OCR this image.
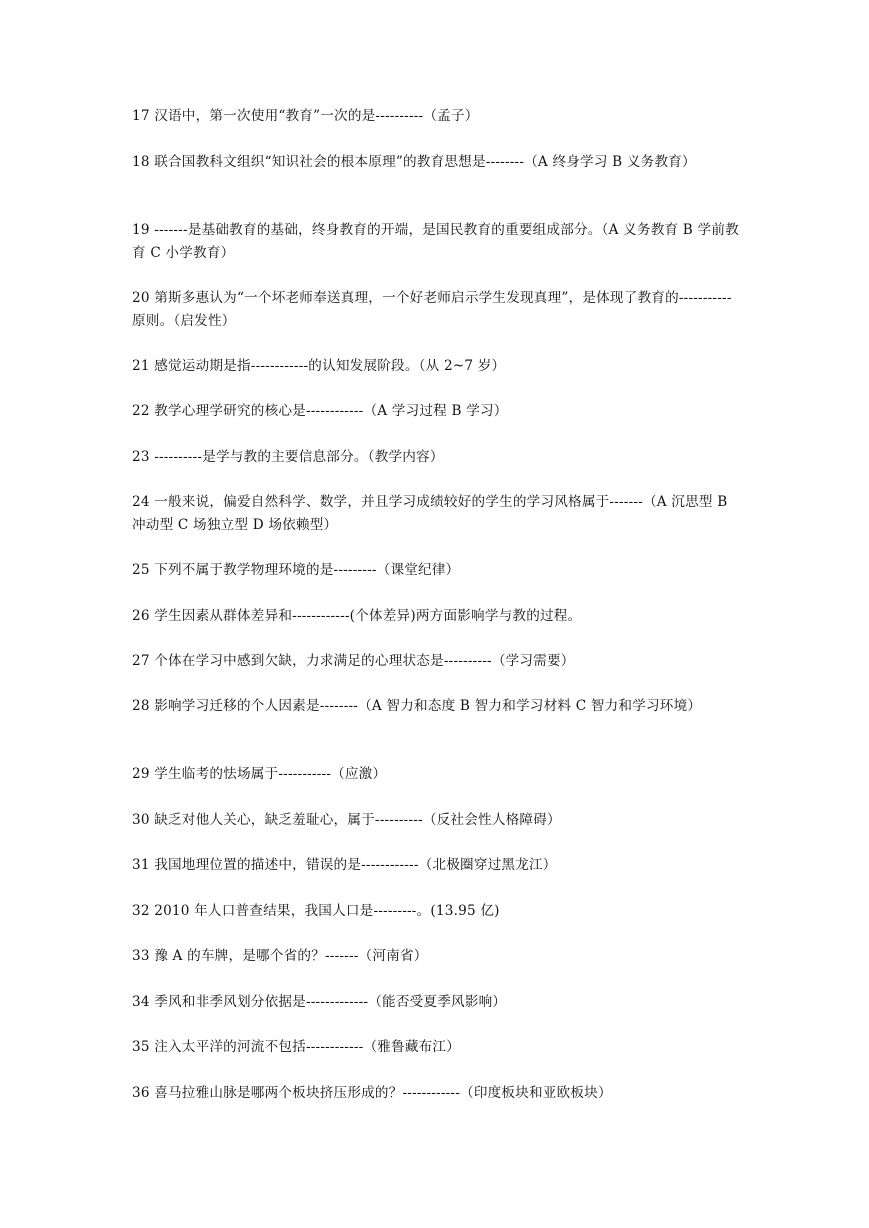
17 汉语中，第一次使用“教育”一次的是----------（孟子）

18 联合国教科文组织“知识社会的根本原理”的教育思想是--------（A 终身学习 B 义务教育）

19 -------是基础教育的基础，终身教育的开端，是国民教育的重要组成部分。（A 义务教育 B 学前教育 C 小学教育）

20 第斯多惠认为“一个坏老师奉送真理，一个好老师启示学生发现真理”，是体现了教育的-----------原则。（启发性）

21 感觉运动期是指------------的认知发展阶段。（从 2~7 岁）

22 教学心理学研究的核心是------------（A 学习过程 B 学习）

23 ----------是学与教的主要信息部分。（教学内容）

24 一般来说，偏爱自然科学、数学，并且学习成绩较好的学生的学习风格属于-------（A 沉思型 B 冲动型 C 场独立型 D 场依赖型）

25 下列不属于教学物理环境的是---------（课堂纪律）

26 学生因素从群体差异和------------(个体差异)两方面影响学与教的过程。

27 个体在学习中感到欠缺，力求满足的心理状态是----------（学习需要）

28 影响学习迁移的个人因素是--------（A 智力和态度 B 智力和学习材料 C 智力和学习环境）

29 学生临考的怯场属于-----------（应激）

30 缺乏对他人关心，缺乏羞耻心，属于----------（反社会性人格障碍）

31 我国地理位置的描述中，错误的是------------（北极圈穿过黑龙江）

32 2010 年人口普查结果，我国人口是---------。(13.95 亿)

33 豫 A 的车牌，是哪个省的？-------（河南省）

34 季风和非季风划分依据是-------------（能否受夏季风影响）

35 注入太平洋的河流不包括------------（雅鲁藏布江）

36 喜马拉雅山脉是哪两个板块挤压形成的？------------（印度板块和亚欧板块）
